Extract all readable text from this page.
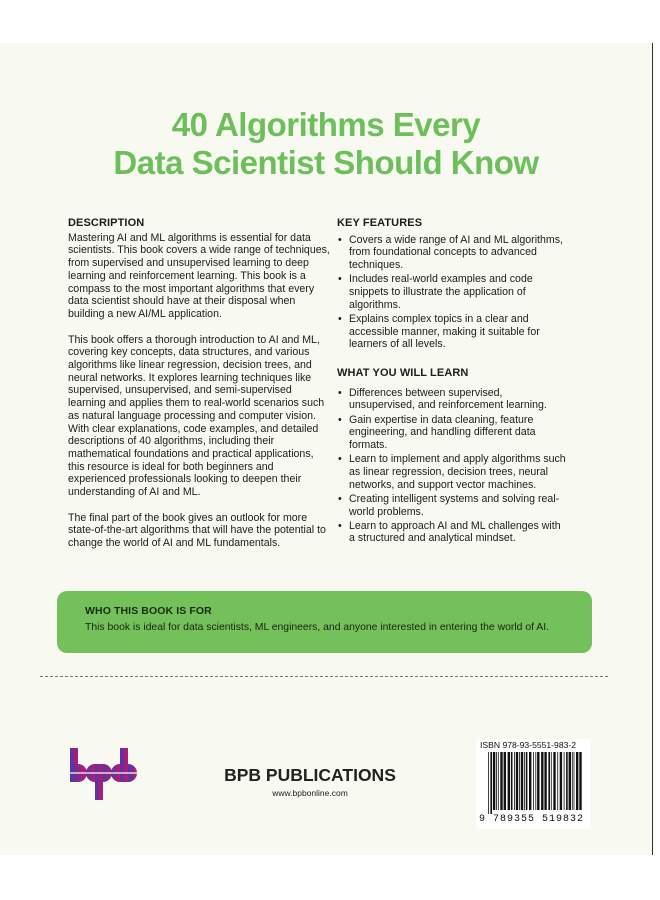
40 Algorithms Every
Data Scientist Should Know
DESCRIPTION

Mastering AI and ML algorithms is essential for data scientists. This book covers a wide range of techniques, from supervised and unsupervised learning to deep learning and reinforcement learning. This book is a compass to the most important algorithms that every data scientist should have at their disposal when building a new AI/ML application.

This book offers a thorough introduction to AI and ML, covering key concepts, data structures, and various algorithms like linear regression, decision trees, and neural networks. It explores learning techniques like supervised, unsupervised, and semi-supervised learning and applies them to real-world scenarios such as natural language processing and computer vision. With clear explanations, code examples, and detailed descriptions of 40 algorithms, including their mathematical foundations and practical applications, this resource is ideal for both beginners and experienced professionals looking to deepen their understanding of AI and ML.

The final part of the book gives an outlook for more state-of-the-art algorithms that will have the potential to change the world of AI and ML fundamentals.

KEY FEATURES
• Covers a wide range of AI and ML algorithms, from foundational concepts to advanced techniques.
• Includes real-world examples and code snippets to illustrate the application of algorithms.
• Explains complex topics in a clear and accessible manner, making it suitable for learners of all levels.
WHAT YOU WILL LEARN
• Differences between supervised, unsupervised, and reinforcement learning.
• Gain expertise in data cleaning, feature engineering, and handling different data formats.
• Learn to implement and apply algorithms such as linear regression, decision trees, neural networks, and support vector machines.
• Creating intelligent systems and solving real-world problems.
• Learn to approach AI and ML challenges with a structured and analytical mindset.
WHO THIS BOOK IS FOR
This book is ideal for data scientists, ML engineers, and anyone interested in entering the world of AI.
BPB PUBLICATIONS
www.bpbonline.com
ISBN 978-93-5551-983-2
9 789355 519832
